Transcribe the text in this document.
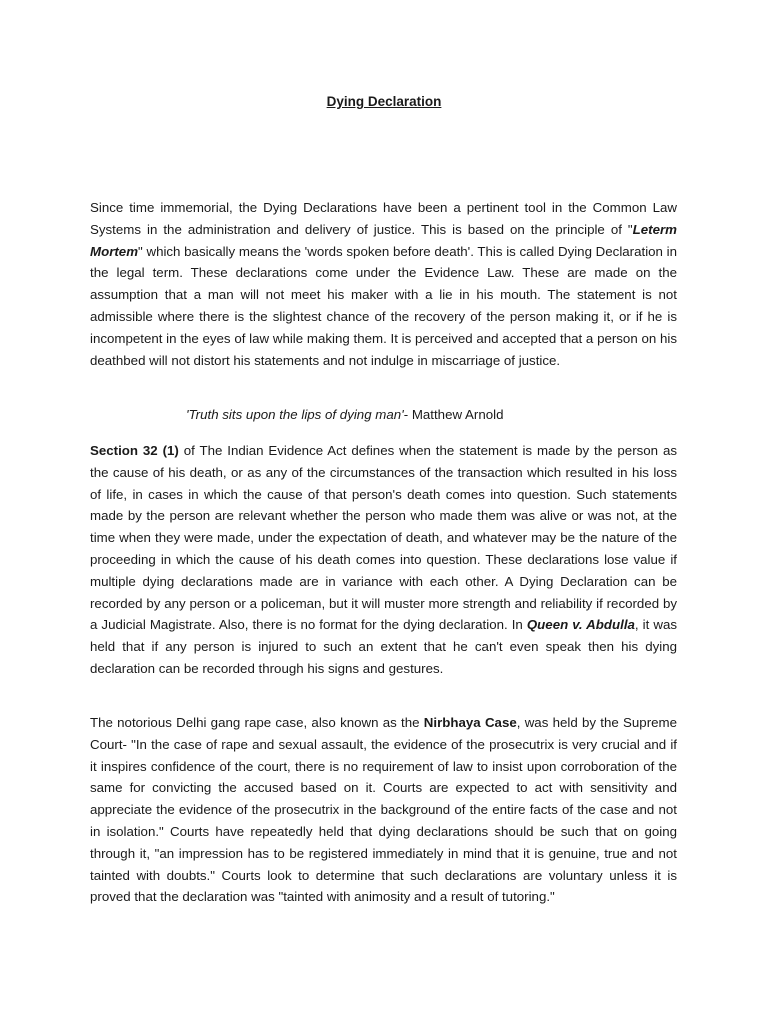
Dying Declaration

Since time immemorial, the Dying Declarations have been a pertinent tool in the Common Law Systems in the administration and delivery of justice. This is based on the principle of "Leterm Mortem" which basically means the 'words spoken before death'. This is called Dying Declaration in the legal term. These declarations come under the Evidence Law. These are made on the assumption that a man will not meet his maker with a lie in his mouth. The statement is not admissible where there is the slightest chance of the recovery of the person making it, or if he is incompetent in the eyes of law while making them. It is perceived and accepted that a person on his deathbed will not distort his statements and not indulge in miscarriage of justice.

'Truth sits upon the lips of dying man'- Matthew Arnold

Section 32 (1) of The Indian Evidence Act defines when the statement is made by the person as the cause of his death, or as any of the circumstances of the transaction which resulted in his loss of life, in cases in which the cause of that person's death comes into question. Such statements made by the person are relevant whether the person who made them was alive or was not, at the time when they were made, under the expectation of death, and whatever may be the nature of the proceeding in which the cause of his death comes into question. These declarations lose value if multiple dying declarations made are in variance with each other. A Dying Declaration can be recorded by any person or a policeman, but it will muster more strength and reliability if recorded by a Judicial Magistrate. Also, there is no format for the dying declaration. In Queen v. Abdulla, it was held that if any person is injured to such an extent that he can't even speak then his dying declaration can be recorded through his signs and gestures.

The notorious Delhi gang rape case, also known as the Nirbhaya Case, was held by the Supreme Court- "In the case of rape and sexual assault, the evidence of the prosecutrix is very crucial and if it inspires confidence of the court, there is no requirement of law to insist upon corroboration of the same for convicting the accused based on it. Courts are expected to act with sensitivity and appreciate the evidence of the prosecutrix in the background of the entire facts of the case and not in isolation." Courts have repeatedly held that dying declarations should be such that on going through it, "an impression has to be registered immediately in mind that it is genuine, true and not tainted with doubts." Courts look to determine that such declarations are voluntary unless it is proved that the declaration was "tainted with animosity and a result of tutoring."
